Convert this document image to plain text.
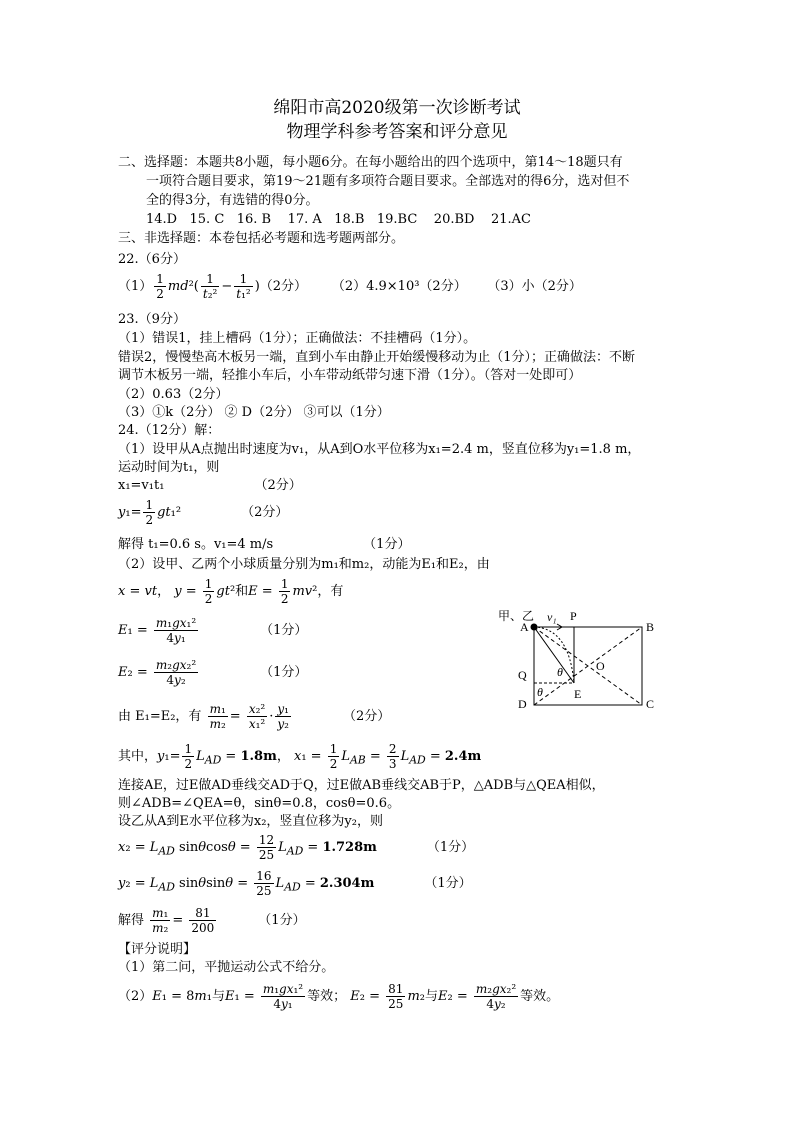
绵阳市高2020级第一次诊断考试
物理学科参考答案和评分意见
二、选择题：本题共8小题，每小题6分。在每小题给出的四个选项中，第14～18题只有
一项符合题目要求，第19～21题有多项符合题目要求。全部选对的得6分，选对但不
全的得3分，有选错的得0分。
14.D 15. C 16. B 17. A 18.B 19.BC 20.BD 21.AC
三、非选择题：本卷包括必考题和选考题两部分。
22.（6分）
$(1) \frac{1}{2} md^2( \frac{1}{\text{t₂²}} - \frac{1}{\text{t₁²}} )(2$分） （2）4.9×10³（2分） （3）小（2分）
23.（9分）
（1）错误1，挂上槽码（1分）；正确做法：不挂槽码（1分）。
错误2，慢慢垫高木板另一端，直到小车由静止开始缓慢移动为止（1分）；正确做法：不断
调节木板另一端，轻推小车后，小车带动纸带匀速下滑（1分）。（答对一处即可）
（2）0.63（2分）
（3）①k（2分） ② D（2分） ③可以（1分）
24.（12分）解：
（1）设甲从A点抛出时速度为v₁，从A到O水平位移为x₁=2.4 m，竖直位移为y₁=1.8 m，
运动时间为t₁，则
x₁=v₁t₁	（2分）
$y_1= \frac{1}{2} gt_1^2$	（2分）
解得 t₁=0.6 s。v₁=4 m/s	（1分）
（2）设甲、乙两个小球质量分别为m₁和m₂，动能为E₁和E₂，由
x = vt， $y = \frac{1}{2} gt^2$和$E = \frac{1}{2} mv^2$，有
$E_1 = \frac{\text{m₁gx₁²}}{\text{4y₁}}$	（1分）
$E_2 = \frac{\text{m₂gx₂²}}{\text{4y₂}}$	（1分）
由 E₁=E₂，有 $\frac{\text{m₁}}{\text{m₂}} = \frac{\text{x₂²}}{\text{x₁²}} \cdot \frac{\text{y₁}}{\text{y₂}}$	（2分）
其中，$y_1= \frac{1}{2} L_{AD} = 1.8m$， $x_1 = \frac{1}{2} L_{AB} = \frac{2}{3} L_{AD} = 2.4m$
连接AE，过E做AD垂线交AD于Q，过E做AB垂线交AB于P，△ADB与△QEA相似，
则∠ADB=∠QEA=θ，sinθ=0.8，cosθ=0.6。
设乙从A到E水平位移为x₂，竖直位移为y₂，则
$x_2 = L_{AD}$ $\sin\theta\cos\theta = \frac{12}{25} L_{AD} = 1.728m$	（1分）
$y_2 = L_{AD}$ $\sin\theta\sin\theta = \frac{16}{25} L_{AD} = 2.304m$	（1分）
解得 $\frac{\text{m₁}}{\text{m₂}} = \frac{81}{200}$	（1分）
【评分说明】
（1）第二问，平抛运动公式不给分。
（2）E₁ = 8m₁与$E_1 = \frac{\text{m₁gx₁²}}{\text{4y₁}}$ 等效； $E_2 = \frac{81}{25} m_2$与$E_2 = \frac{\text{m₂gx₂²}}{\text{4y₂}}$ 等效。
甲、乙
A
v₁ P
B
Q	θ	O
E
D	C
θ
